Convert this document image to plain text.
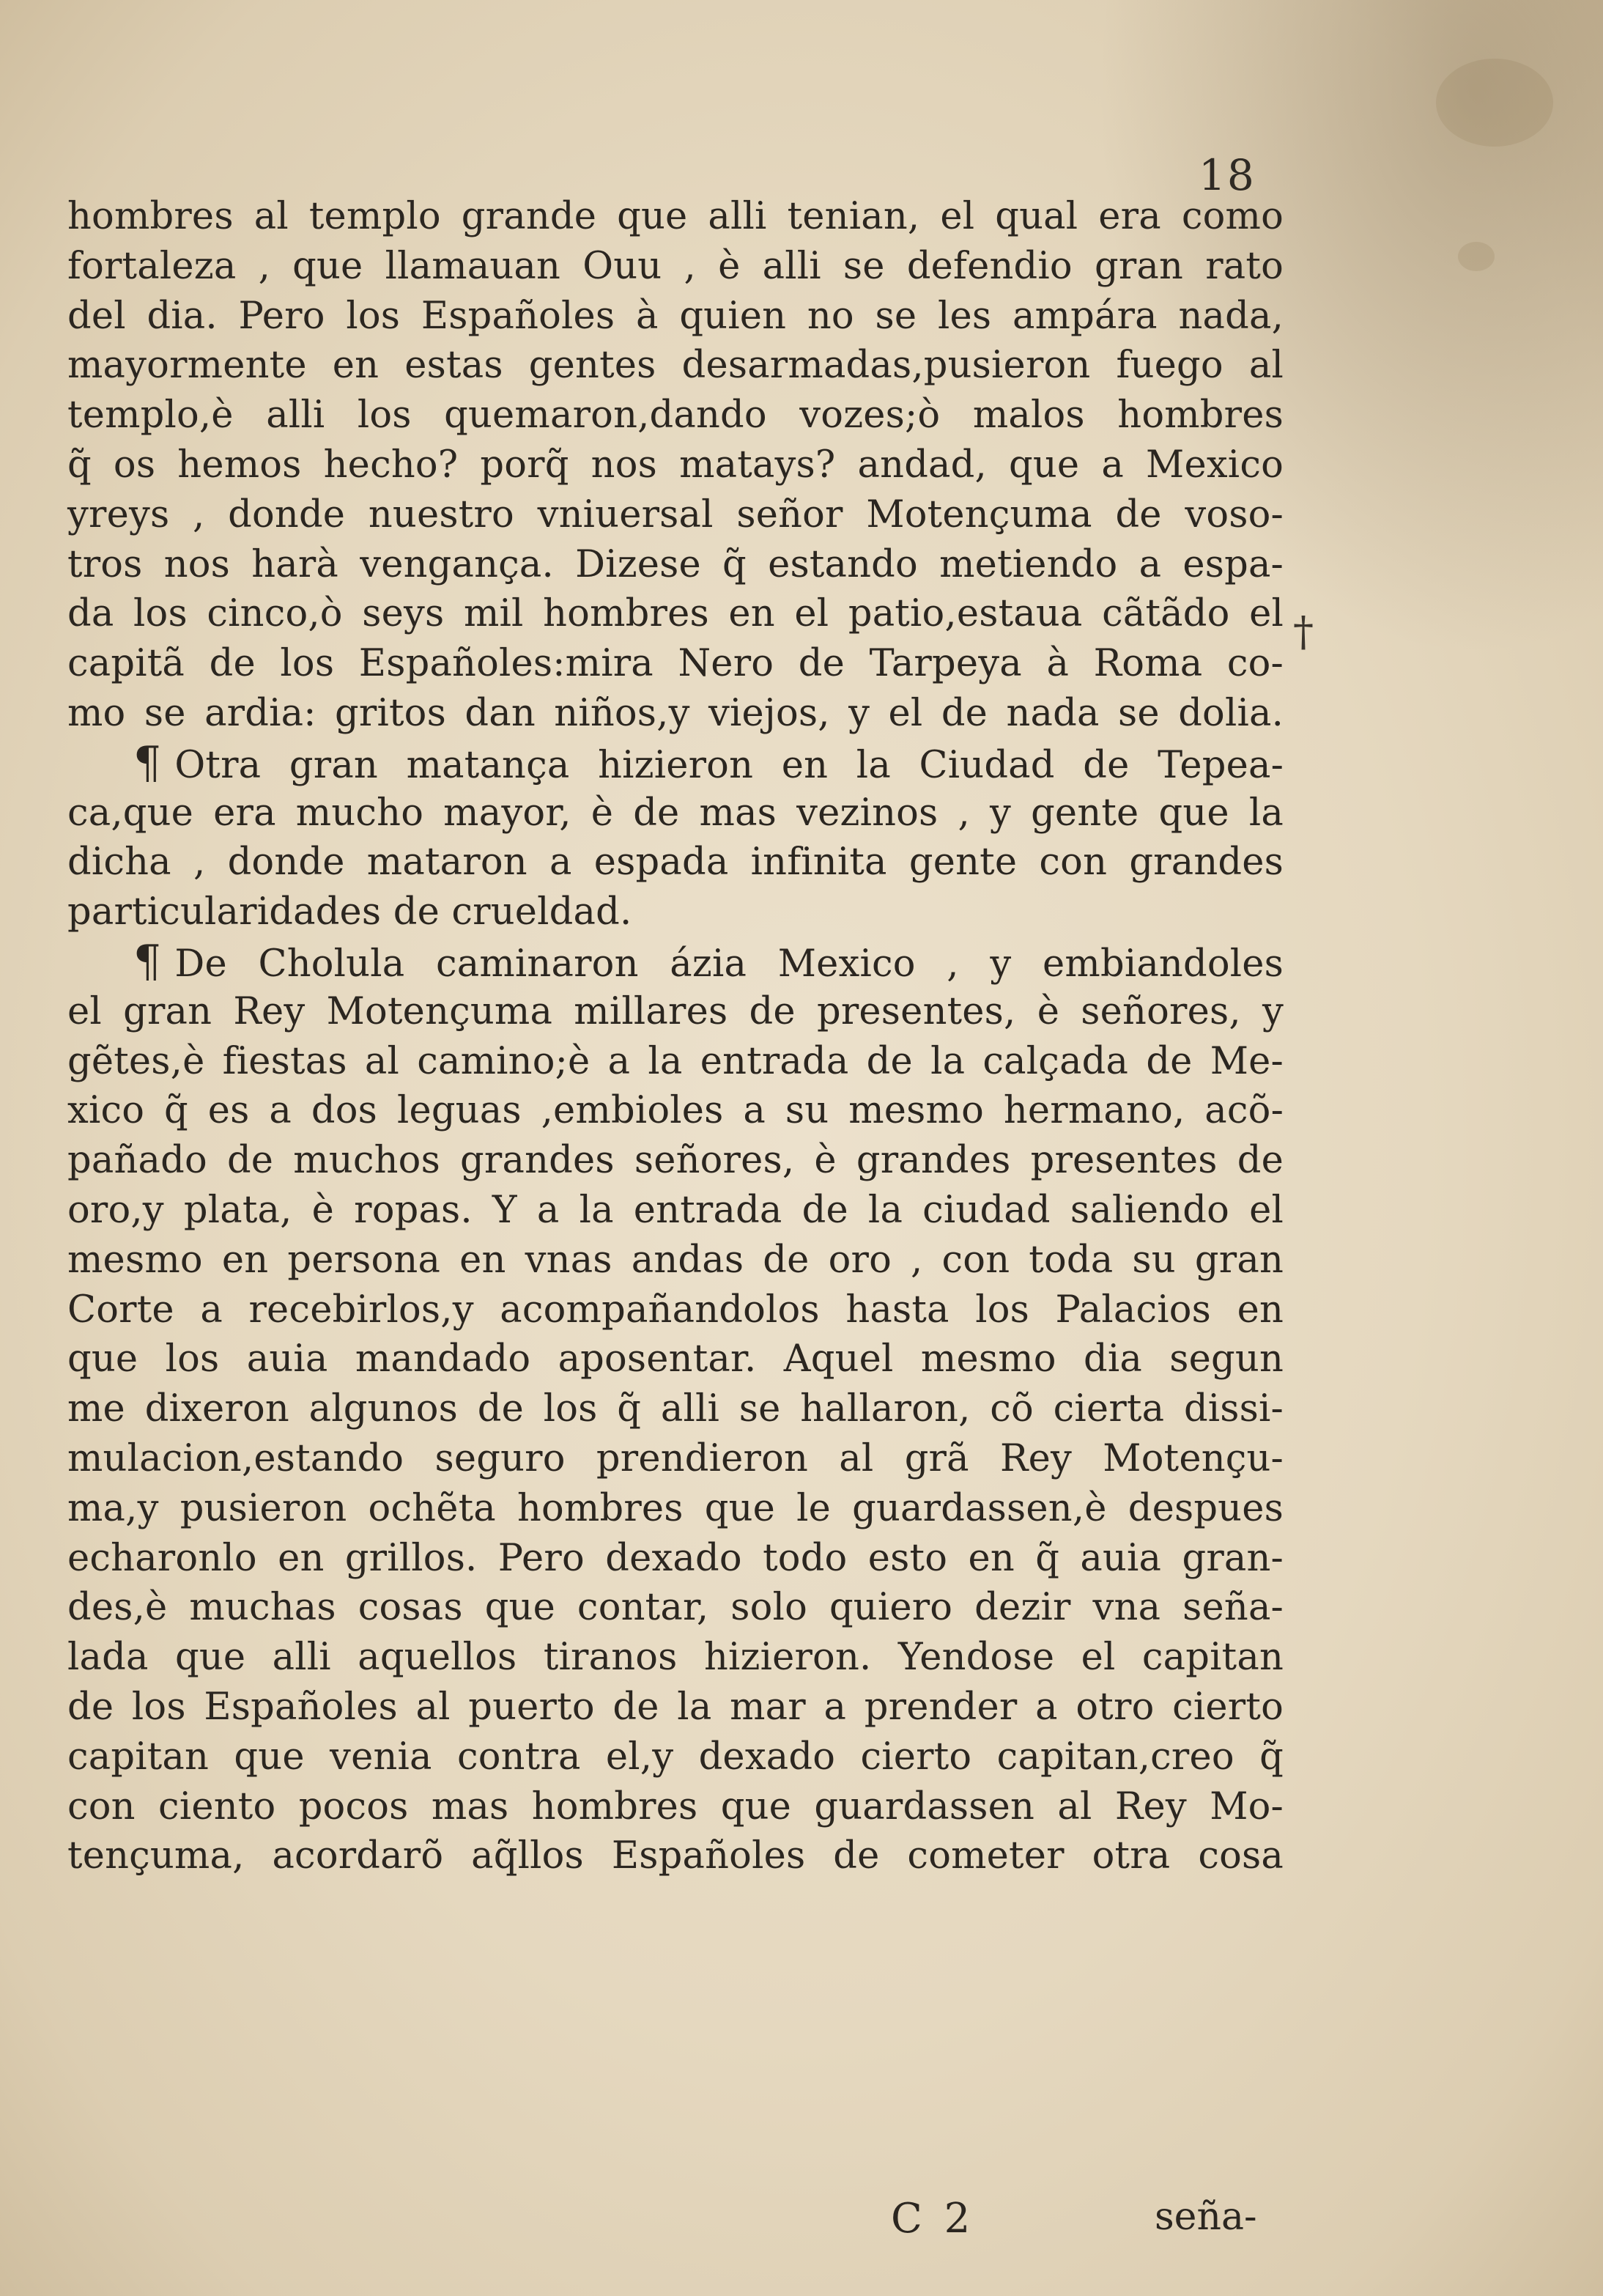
18
hombres al templo grande que alli tenian, el qual era como
fortaleza , que llamauan Ouu , è alli se defendio gran rato
del dia. Pero los Españoles à quien no se les ampára nada,
mayormente en estas gentes desarmadas,pusieron fuego al
templo,è alli los quemaron,dando vozes;ò malos hombres
q̃ os hemos hecho? porq̃ nos matays? andad, que a Mexico
yreys , donde nuestro vniuersal señor Motençuma de voso-
tros nos harà vengança. Dizese q̃ estando metiendo a espa-
da los cinco,ò seys mil hombres en el patio,estaua cãtãdo el
capitã de los Españoles:mira Nero de Tarpeya à Roma co-
mo se ardia: gritos dan niños,y viejos, y el de nada se dolia.
¶ Otra gran matança hizieron en la Ciudad de Tepea-
ca,que era mucho mayor, è de mas vezinos , y gente que la
dicha , donde mataron a espada infinita gente con grandes
particularidades de crueldad.
¶ De Cholula caminaron ázia Mexico , y embiandoles
el gran Rey Motençuma millares de presentes, è señores, y
gẽtes,è fiestas al camino;è a la entrada de la calçada de Me-
xico q̃ es a dos leguas ,embioles a su mesmo hermano, acõ-
pañado de muchos grandes señores, è grandes presentes de
oro,y plata, è ropas. Y a la entrada de la ciudad saliendo el
mesmo en persona en vnas andas de oro , con toda su gran
Corte a recebirlos,y acompañandolos hasta los Palacios en
que los auia mandado aposentar. Aquel mesmo dia segun
me dixeron algunos de los q̃ alli se hallaron, cõ cierta dissi-
mulacion,estando seguro prendieron al grã Rey Motençu-
ma,y pusieron ochẽta hombres que le guardassen,è despues
echaronlo en grillos. Pero dexado todo esto en q̃ auia gran-
des,è muchas cosas que contar, solo quiero dezir vna seña-
lada que alli aquellos tiranos hizieron. Yendose el capitan
de los Españoles al puerto de la mar a prender a otro cierto
capitan que venia contra el,y dexado cierto capitan,creo q̃
con ciento pocos mas hombres que guardassen al Rey Mo-
tençuma, acordarõ aq̃llos Españoles de cometer otra cosa
†
C 2	seña-
